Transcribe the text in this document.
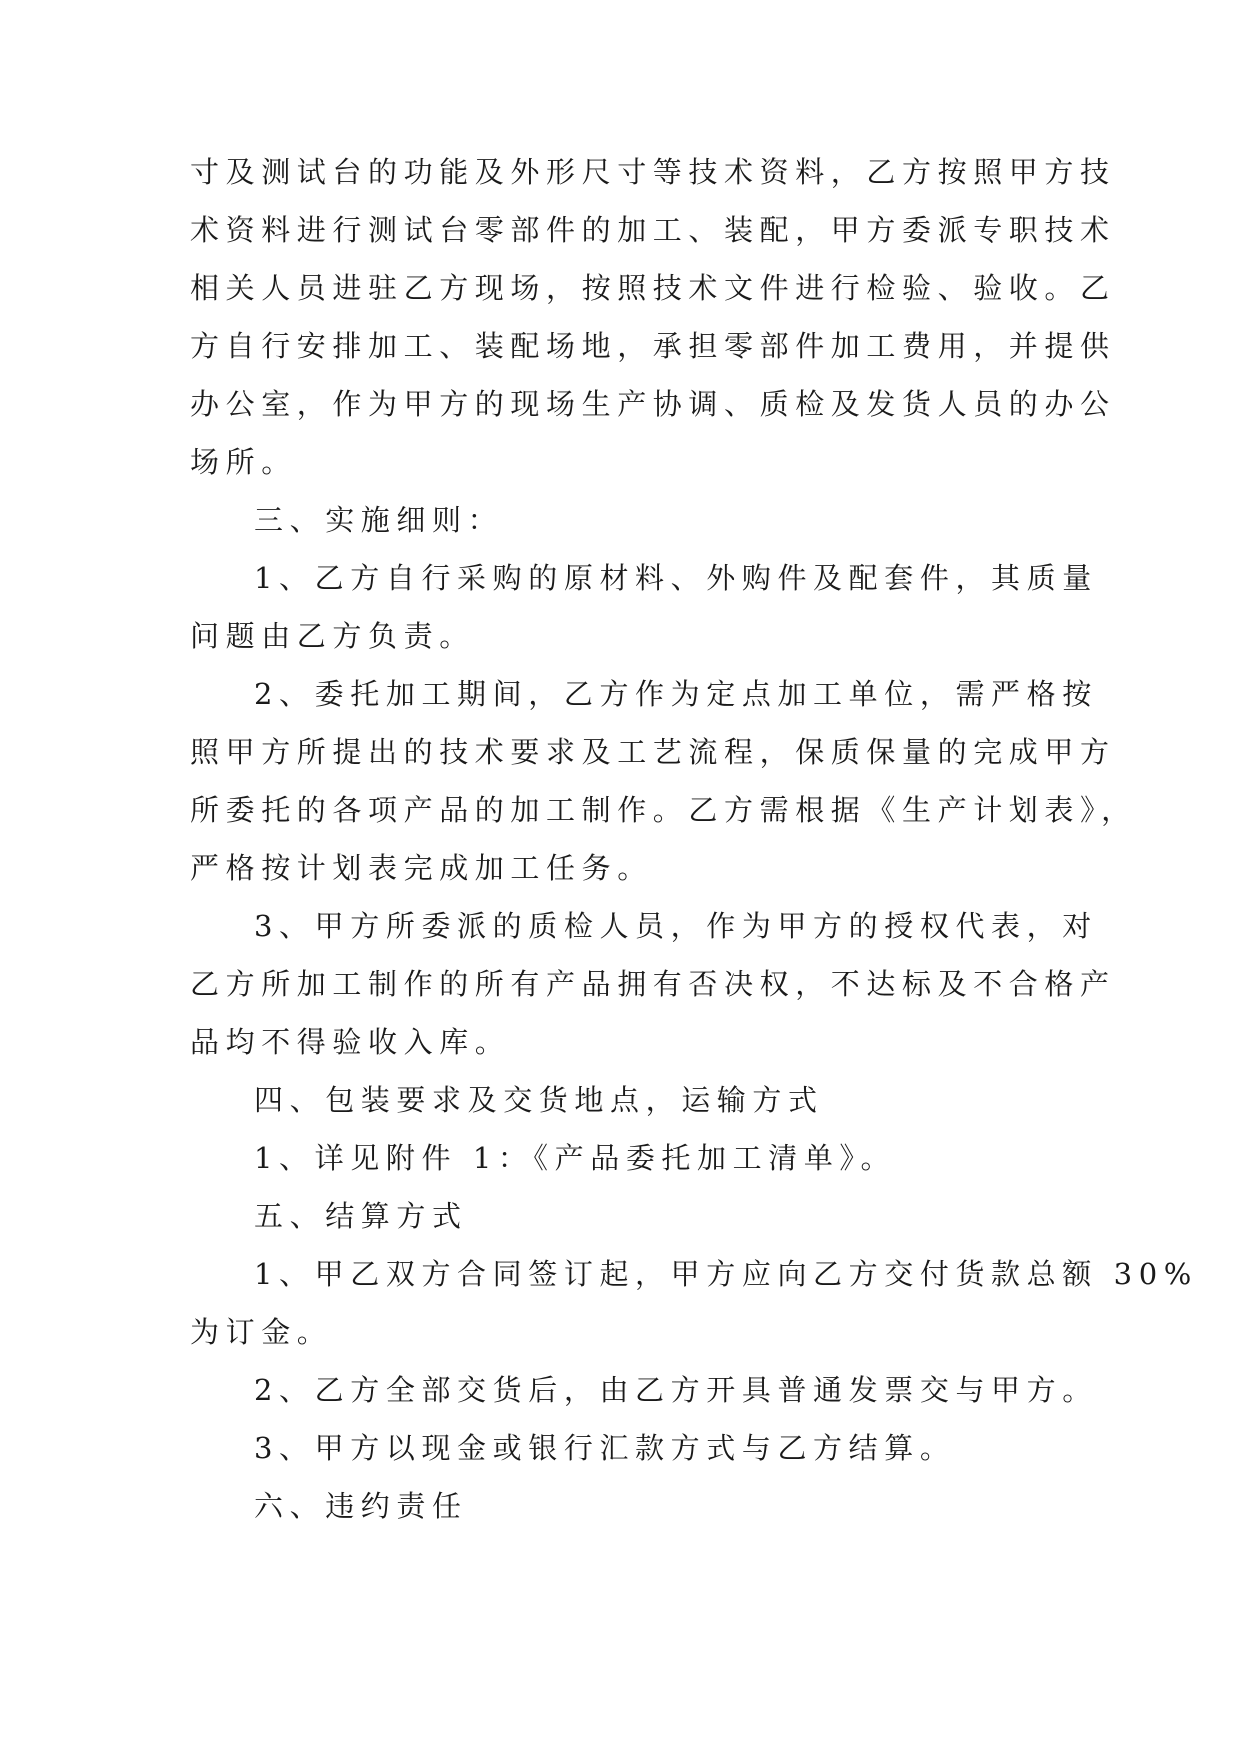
寸及测试台的功能及外形尺寸等技术资料，乙方按照甲方技
术资料进行测试台零部件的加工、装配，甲方委派专职技术
相关人员进驻乙方现场，按照技术文件进行检验、验收。乙
方自行安排加工、装配场地，承担零部件加工费用，并提供
办公室，作为甲方的现场生产协调、质检及发货人员的办公
场所。
三、实施细则：
1、乙方自行采购的原材料、外购件及配套件，其质量
问题由乙方负责。
2、委托加工期间，乙方作为定点加工单位，需严格按
照甲方所提出的技术要求及工艺流程，保质保量的完成甲方
所委托的各项产品的加工制作。乙方需根据《生产计划表》，
严格按计划表完成加工任务。
3、甲方所委派的质检人员，作为甲方的授权代表，对
乙方所加工制作的所有产品拥有否决权，不达标及不合格产
品均不得验收入库。
四、包装要求及交货地点，运输方式
1、详见附件 1：《产品委托加工清单》。
五、结算方式
1、甲乙双方合同签订起，甲方应向乙方交付货款总额 30%
为订金。
2、乙方全部交货后，由乙方开具普通发票交与甲方。
3、甲方以现金或银行汇款方式与乙方结算。
六、违约责任
